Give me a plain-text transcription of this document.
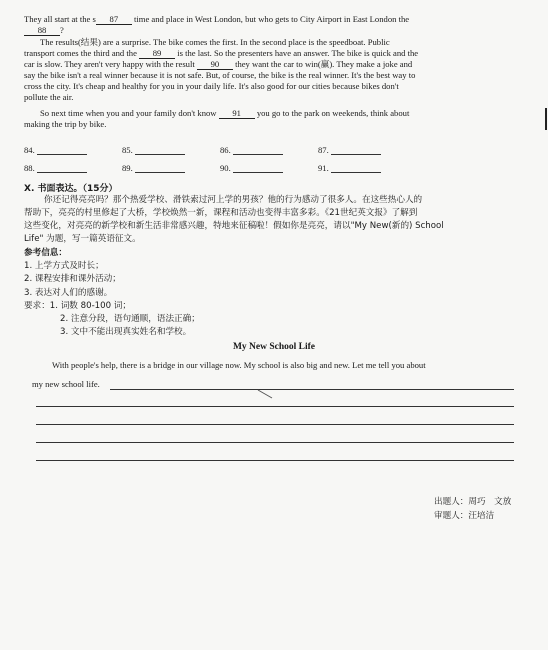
They all start at the s 87 time and place in West London, but who gets to City Airport in East London the
88 ?
The results(结果) are a surprise. The bike comes the first. In the second place is the speedboat. Public
transport comes the third and the 89 is the last. So the presenters have an answer. The bike is quick and the
car is slow. They aren't very happy with the result 90 they want the car to win(赢). They make a joke and
say the bike isn't a real winner because it is not safe. But, of course, the bike is the real winner. It's the best way to
cross the city. It's cheap and healthy for you in your daily life. It's also good for our cities because bikes don't
pollute the air.
So next time when you and your family don't know 91 you go to the park on weekends, think about
making the trip by bike.
84.	85.	86.	87.
88.	89.	90.	91.
X. 书面表达。（15分）
你还记得亮亮吗？那个热爱学校、滑铁索过河上学的男孩？他的行为感动了很多人。在这些热心人的
帮助下，亮亮的村里修起了大桥，学校焕然一新，课程和活动也变得丰富多彩。《21世纪英文报》了解到
这些变化，对亮亮的新学校和新生活非常感兴趣，特地来征稿啦！假如你是亮亮，请以"My New(新的) School
Life" 为题，写一篇英语征文。
参考信息：
1. 上学方式及时长；
2. 课程安排和课外活动；
3. 表达对人们的感谢。
要求：1. 词数 80-100 词；
2. 注意分段，语句通顺，语法正确；
3. 文中不能出现真实姓名和学校。
My New School Life
With people's help, there is a bridge in our village now. My school is also big and new. Let me tell you about
my new school life.
出题人：周巧　文放
审题人：汪培洁
